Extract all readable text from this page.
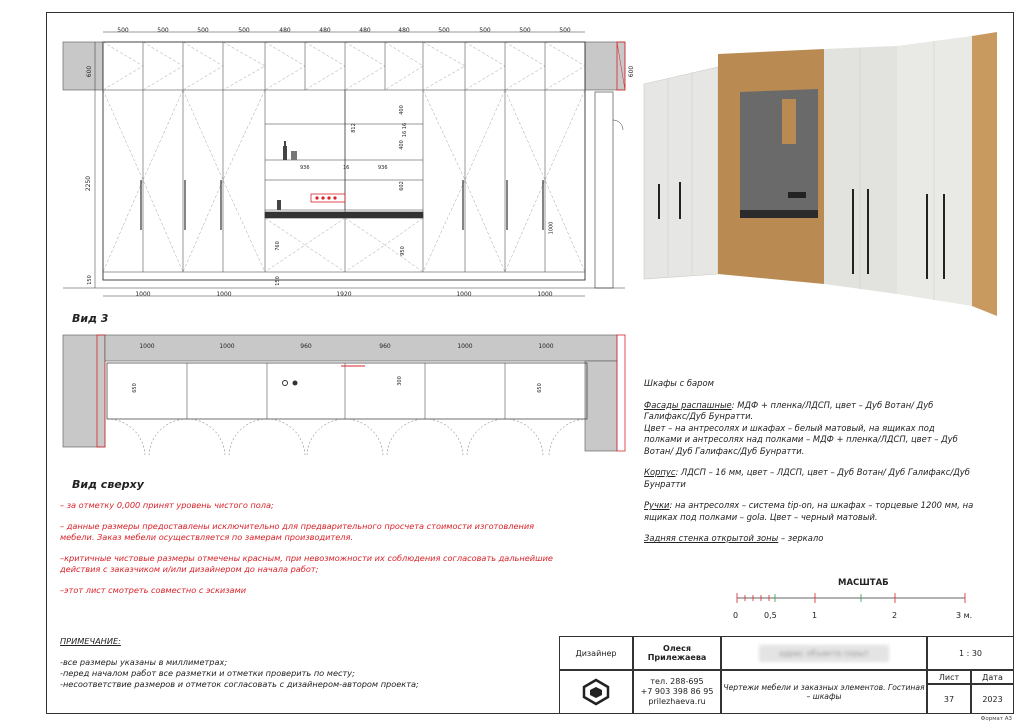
500	500	500	500	480	480	480	480	500	500	500	500
1000	1000	1920	1000	1000
600	600
2250
150
400
812	16
16
400
936	16	936
602
760
950
150
1000
1000	1000	960	960	1000	1000
650	650
300
Вид 3
Вид сверху

– за отметку 0,000 принят уровень чистого пола;

– данные размеры предоставлены исключительно для предварительного просчета стоимости изготовления мебели. Заказ мебели осуществляется по замерам производителя.

–критичные чистовые размеры отмечены красным, при невозможности их соблюдения согласовать дальнейшие действия с заказчиком и/или дизайнером до начала работ;

–этот лист смотреть совместно с эскизами

ПРИМЕЧАНИЕ:

-все размеры указаны в миллиметрах;

-перед началом работ все разметки и отметки проверить по месту;

-несоответствие размеров и отметок согласовать с дизайнером-автором проекта;

Шкафы с баром

Фасады распашные: МДФ + пленка/ЛДСП, цвет – Дуб Вотан/ Дуб Галифакс/Дуб Бунратти.

Цвет – на антресолях и шкафах – белый матовый, на ящиках под полками и антресолях над полками – МДФ + пленка/ЛДСП, цвет – Дуб Вотан/ Дуб Галифакс/Дуб Бунратти.

Корпус: ЛДСП – 16 мм, цвет – ЛДСП, цвет – Дуб Вотан/ Дуб Галифакс/Дуб Бунратти

Ручки: на антресолях – система tip-on, на шкафах – торцевые 1200 мм, на ящиках под полками – gola. Цвет – черный матовый.

Задняя стенка открытой зоны – зеркало

МАСШТАБ
0	0,5	1	2	3 м.
Дизайнер	Олеся Прилежаева
тел. 288-695
+7 903 398 86 95
prilezhaeva.ru
адрес объекта скрыт
Чертежи мебели и заказных элементов. Гостиная – шкафы
1 : 30
Лист	Дата
37	2023
Формат А3
